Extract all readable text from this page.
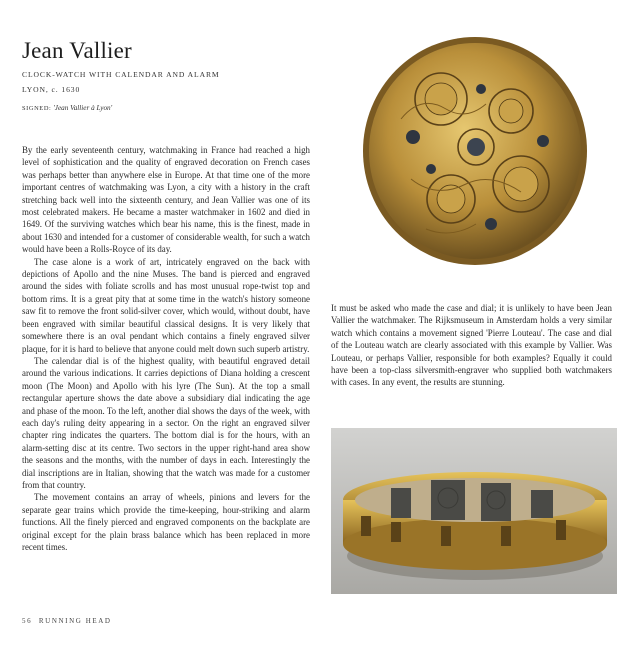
Jean Vallier
CLOCK-WATCH WITH CALENDAR AND ALARM
LYON, c. 1630
SIGNED: 'Jean Vallier à Lyon'

By the early seventeenth century, watchmaking in France had reached a high level of sophistication and the quality of engraved decoration on French cases was perhaps better than anywhere else in Europe. At that time one of the more important centres of watchmaking was Lyon, a city with a history in the craft stretching back well into the sixteenth century, and Jean Vallier was one of its most celebrated makers. He became a master watchmaker in 1602 and died in 1649. Of the surviving watches which bear his name, this is the finest, made in about 1630 and intended for a customer of considerable wealth, for such a watch would have been a Rolls-Royce of its day.

The case alone is a work of art, intricately engraved on the back with depictions of Apollo and the nine Muses. The band is pierced and engraved around the sides with foliate scrolls and has most unusual rope-twist top and bottom rims. It is a great pity that at some time in the watch's history someone saw fit to remove the front solid-silver cover, which would, without doubt, have been engraved with similar beautiful classical designs. It is very likely that somewhere there is an oval pendant which contains a finely engraved silver plaque, for it is hard to believe that anyone could melt down such superb artistry.

The calendar dial is of the highest quality, with beautiful engraved detail around the various indications. It carries depictions of Diana holding a crescent moon (The Moon) and Apollo with his lyre (The Sun). At the top a small rectangular aperture shows the date above a subsidiary dial indicating the age and phase of the moon. To the left, another dial shows the days of the week, with each day's ruling deity appearing in a sector. On the right an engraved silver chapter ring indicates the quarters. The bottom dial is for the hours, with an alarm-setting disc at its centre. Two sectors in the upper right-hand area show the seasons and the months, with the number of days in each. Interestingly the dial inscriptions are in Italian, showing that the watch was made for a customer from that country.

The movement contains an array of wheels, pinions and levers for the separate gear trains which provide the time-keeping, hour-striking and alarm functions. All the finely pierced and engraved components on the backplate are original except for the plain brass balance which has been replaced in more recent times.

It must be asked who made the case and dial; it is unlikely to have been Jean Vallier the watchmaker. The Rijksmuseum in Amsterdam holds a very similar watch which contains a movement signed 'Pierre Louteau'. The case and dial of the Louteau watch are clearly associated with this example by Vallier. Was Louteau, or perhaps Vallier, responsible for both examples? Equally it could have been a top-class silversmith-engraver who supplied both watchmakers with cases. In any event, the results are stunning.

56 RUNNING HEAD
